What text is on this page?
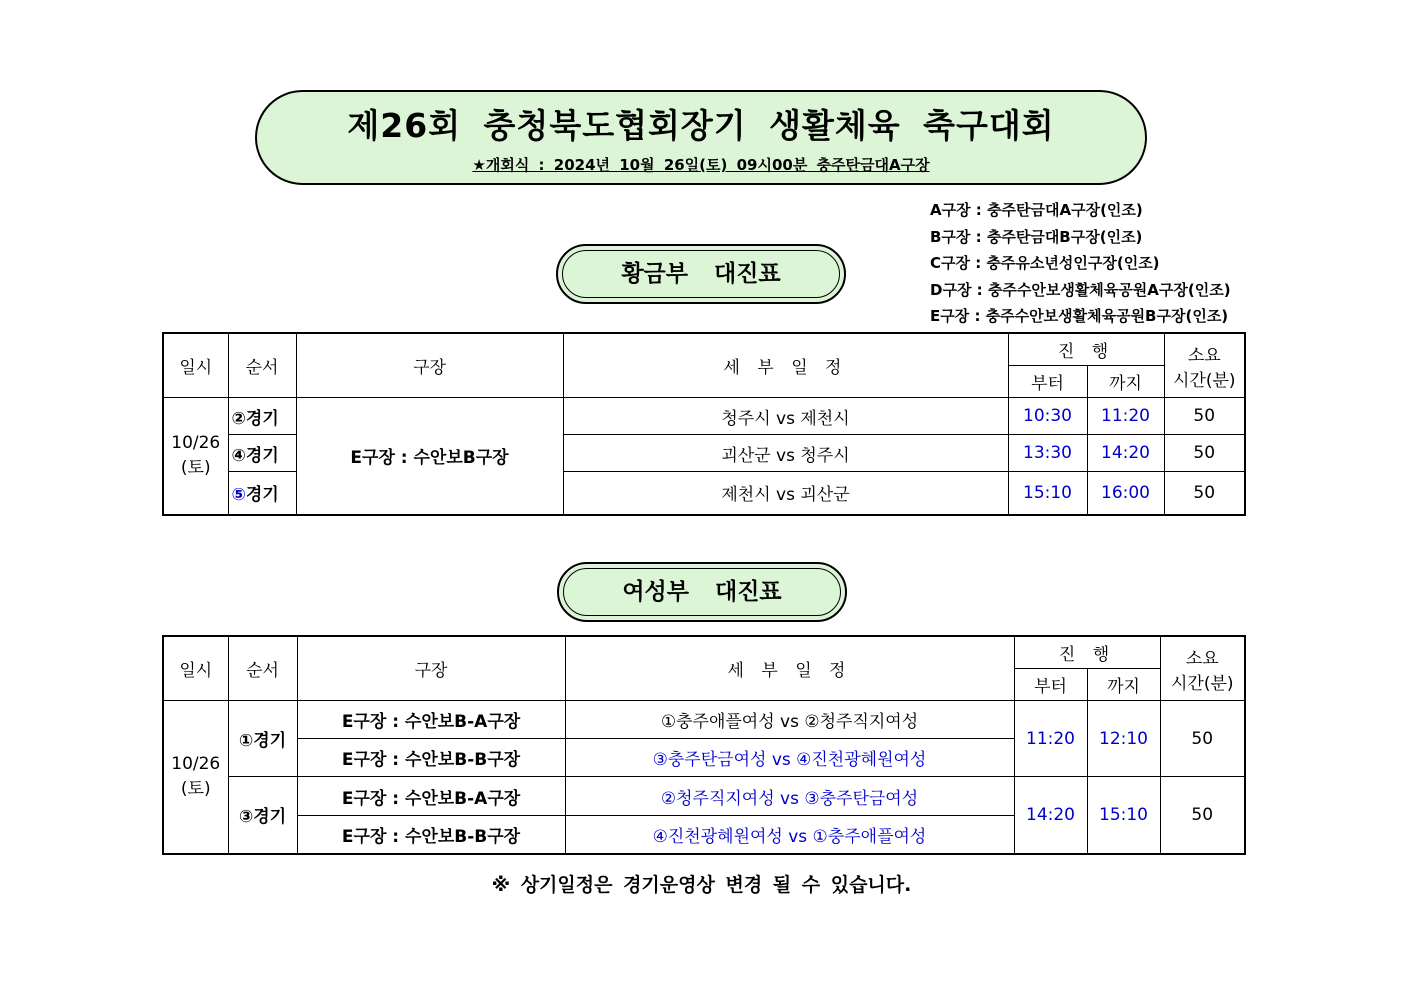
제26회 충청북도협회장기 생활체육 축구대회
★개회식 : 2024년 10월 26일(토) 09시00분 충주탄금대A구장
A구장 : 충주탄금대A구장(인조)
B구장 : 충주탄금대B구장(인조)
C구장 : 충주유소년성인구장(인조)
D구장 : 충주수안보생활체육공원A구장(인조)
E구장 : 충주수안보생활체육공원B구장(인조)
황금부 대진표
일시	순서	구장	세 부 일 정	진 행		소요
시간(분)

				부터	까지	

10/26
(토)	②경기	E구장 : 수안보B구장	청주시 vs 제천시	10:30	11:20	50
	④경기		괴산군 vs 청주시	13:30	14:20	50
	⑤경기		제천시 vs 괴산군	15:10	16:00	50
여성부 대진표
일시	순서	구장	세 부 일 정	진 행		소요
시간(분)

				부터	까지	

10/26
(토)	①경기	E구장 : 수안보B-A구장	①충주애플여성 vs ②청주직지여성	11:20	12:10	50
		E구장 : 수안보B-B구장	③충주탄금여성 vs ④진천광혜원여성			
	③경기	E구장 : 수안보B-A구장	②청주직지여성 vs ③충주탄금여성	14:20	15:10	50
		E구장 : 수안보B-B구장	④진천광혜원여성 vs ①충주애플여성			
※ 상기일정은 경기운영상 변경 될 수 있습니다.
